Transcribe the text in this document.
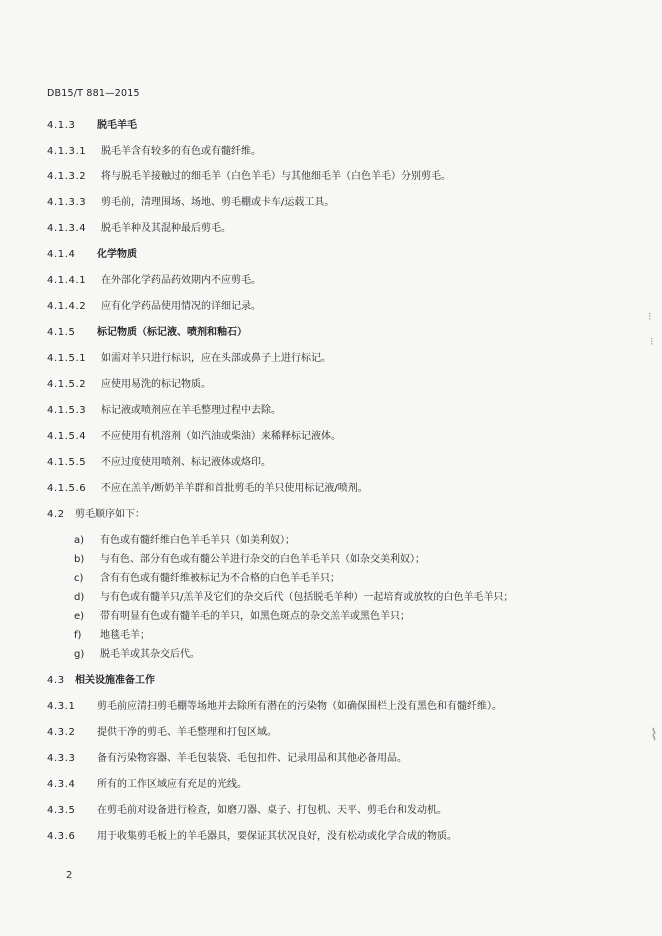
DB15/T 881—2015
4.1.3 脱毛羊毛
4.1.3.1 脱毛羊含有较多的有色或有髓纤维。
4.1.3.2 将与脱毛羊接触过的细毛羊（白色羊毛）与其他细毛羊（白色羊毛）分别剪毛。
4.1.3.3 剪毛前，清理围场、场地、剪毛棚或卡车/运载工具。
4.1.3.4 脱毛羊种及其混种最后剪毛。
4.1.4 化学物质
4.1.4.1 在外部化学药品药效期内不应剪毛。
4.1.4.2 应有化学药品使用情况的详细记录。
4.1.5 标记物质（标记液、喷剂和釉石）
4.1.5.1 如需对羊只进行标识，应在头部或鼻子上进行标记。
4.1.5.2 应使用易洗的标记物质。
4.1.5.3 标记液或喷剂应在羊毛整理过程中去除。
4.1.5.4 不应使用有机溶剂（如汽油或柴油）来稀释标记液体。
4.1.5.5 不应过度使用喷剂、标记液体或烙印。
4.1.5.6 不应在羔羊/断奶羊羊群和首批剪毛的羊只使用标记液/喷剂。
4.2 剪毛顺序如下：
a) 有色或有髓纤维白色羊毛羊只（如美利奴）；
b) 与有色、部分有色或有髓公羊进行杂交的白色羊毛羊只（如杂交美利奴）；
c) 含有有色或有髓纤维被标记为不合格的白色羊毛羊只；
d) 与有色或有髓羊只/羔羊及它们的杂交后代（包括脱毛羊种）一起培育或放牧的白色羊毛羊只；
e) 带有明显有色或有髓羊毛的羊只，如黑色斑点的杂交羔羊或黑色羊只；
f) 地毯毛羊；
g) 脱毛羊或其杂交后代。
4.3 相关设施准备工作
4.3.1 剪毛前应清扫剪毛棚等场地并去除所有潜在的污染物（如确保围栏上没有黑色和有髓纤维）。
4.3.2 提供干净的剪毛、羊毛整理和打包区域。
4.3.3 备有污染物容器、羊毛包装袋、毛包扣件、记录用品和其他必备用品。
4.3.4 所有的工作区域应有充足的光线。
4.3.5 在剪毛前对设备进行检查，如磨刀器、桌子、打包机、天平、剪毛台和发动机。
4.3.6 用于收集剪毛板上的羊毛器具，要保证其状况良好，没有松动或化学合成的物质。
2
⁝
⁝
⌇
